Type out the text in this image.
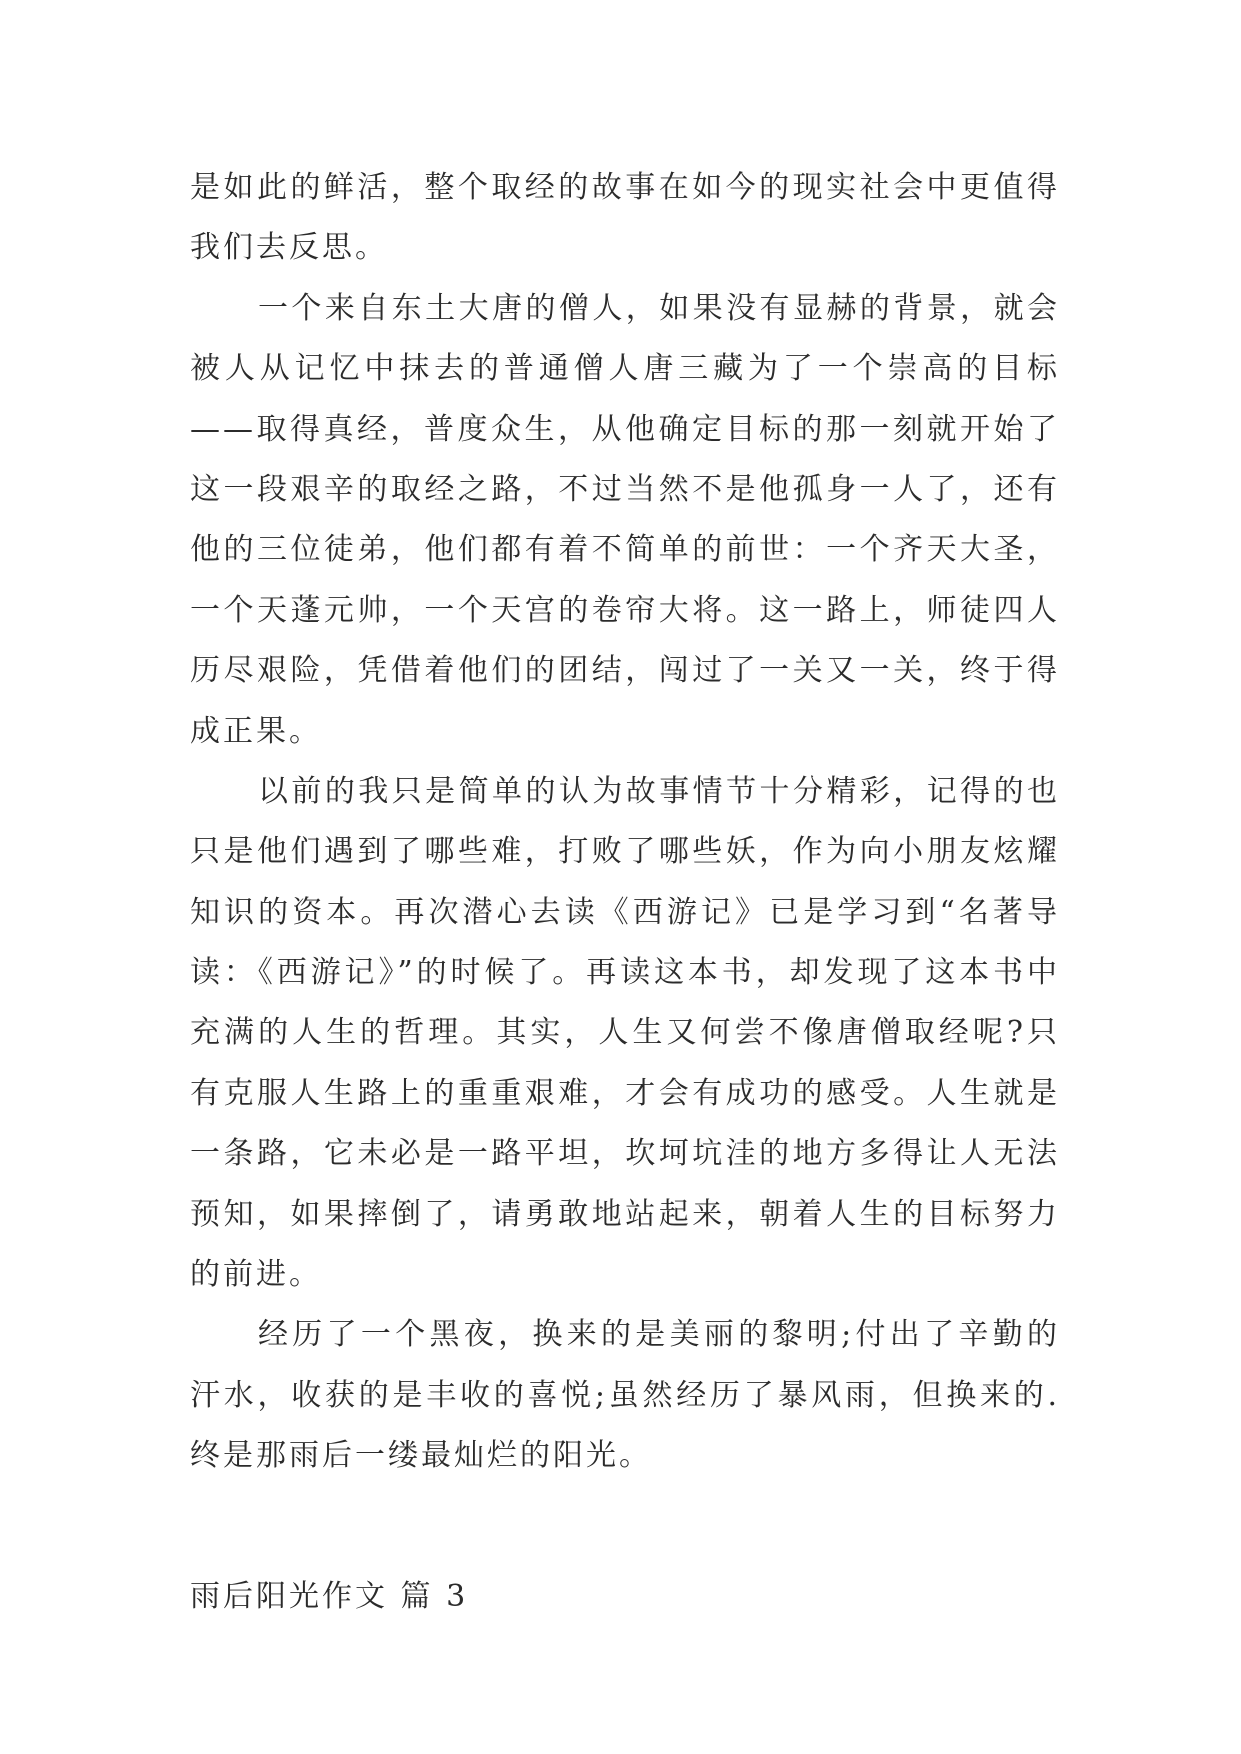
是如此的鲜活，整个取经的故事在如今的现实社会中更值得
我们去反思。
一个来自东土大唐的僧人，如果没有显赫的背景，就会
被人从记忆中抹去的普通僧人唐三藏为了一个崇高的目标
——取得真经，普度众生，从他确定目标的那一刻就开始了
这一段艰辛的取经之路，不过当然不是他孤身一人了，还有
他的三位徒弟，他们都有着不简单的前世：一个齐天大圣，
一个天蓬元帅，一个天宫的卷帘大将。这一路上，师徒四人
历尽艰险，凭借着他们的团结，闯过了一关又一关，终于得
成正果。
以前的我只是简单的认为故事情节十分精彩，记得的也
只是他们遇到了哪些难，打败了哪些妖，作为向小朋友炫耀
知识的资本。再次潜心去读《西游记》已是学习到“名著导
读：《西游记》”的时候了。再读这本书，却发现了这本书中
充满的人生的哲理。其实，人生又何尝不像唐僧取经呢?只
有克服人生路上的重重艰难，才会有成功的感受。人生就是
一条路，它未必是一路平坦，坎坷坑洼的地方多得让人无法
预知，如果摔倒了，请勇敢地站起来，朝着人生的目标努力
的前进。
经历了一个黑夜，换来的是美丽的黎明;付出了辛勤的
汗水，收获的是丰收的喜悦;虽然经历了暴风雨，但换来的.
终是那雨后一缕最灿烂的阳光。
雨后阳光作文 篇 3
